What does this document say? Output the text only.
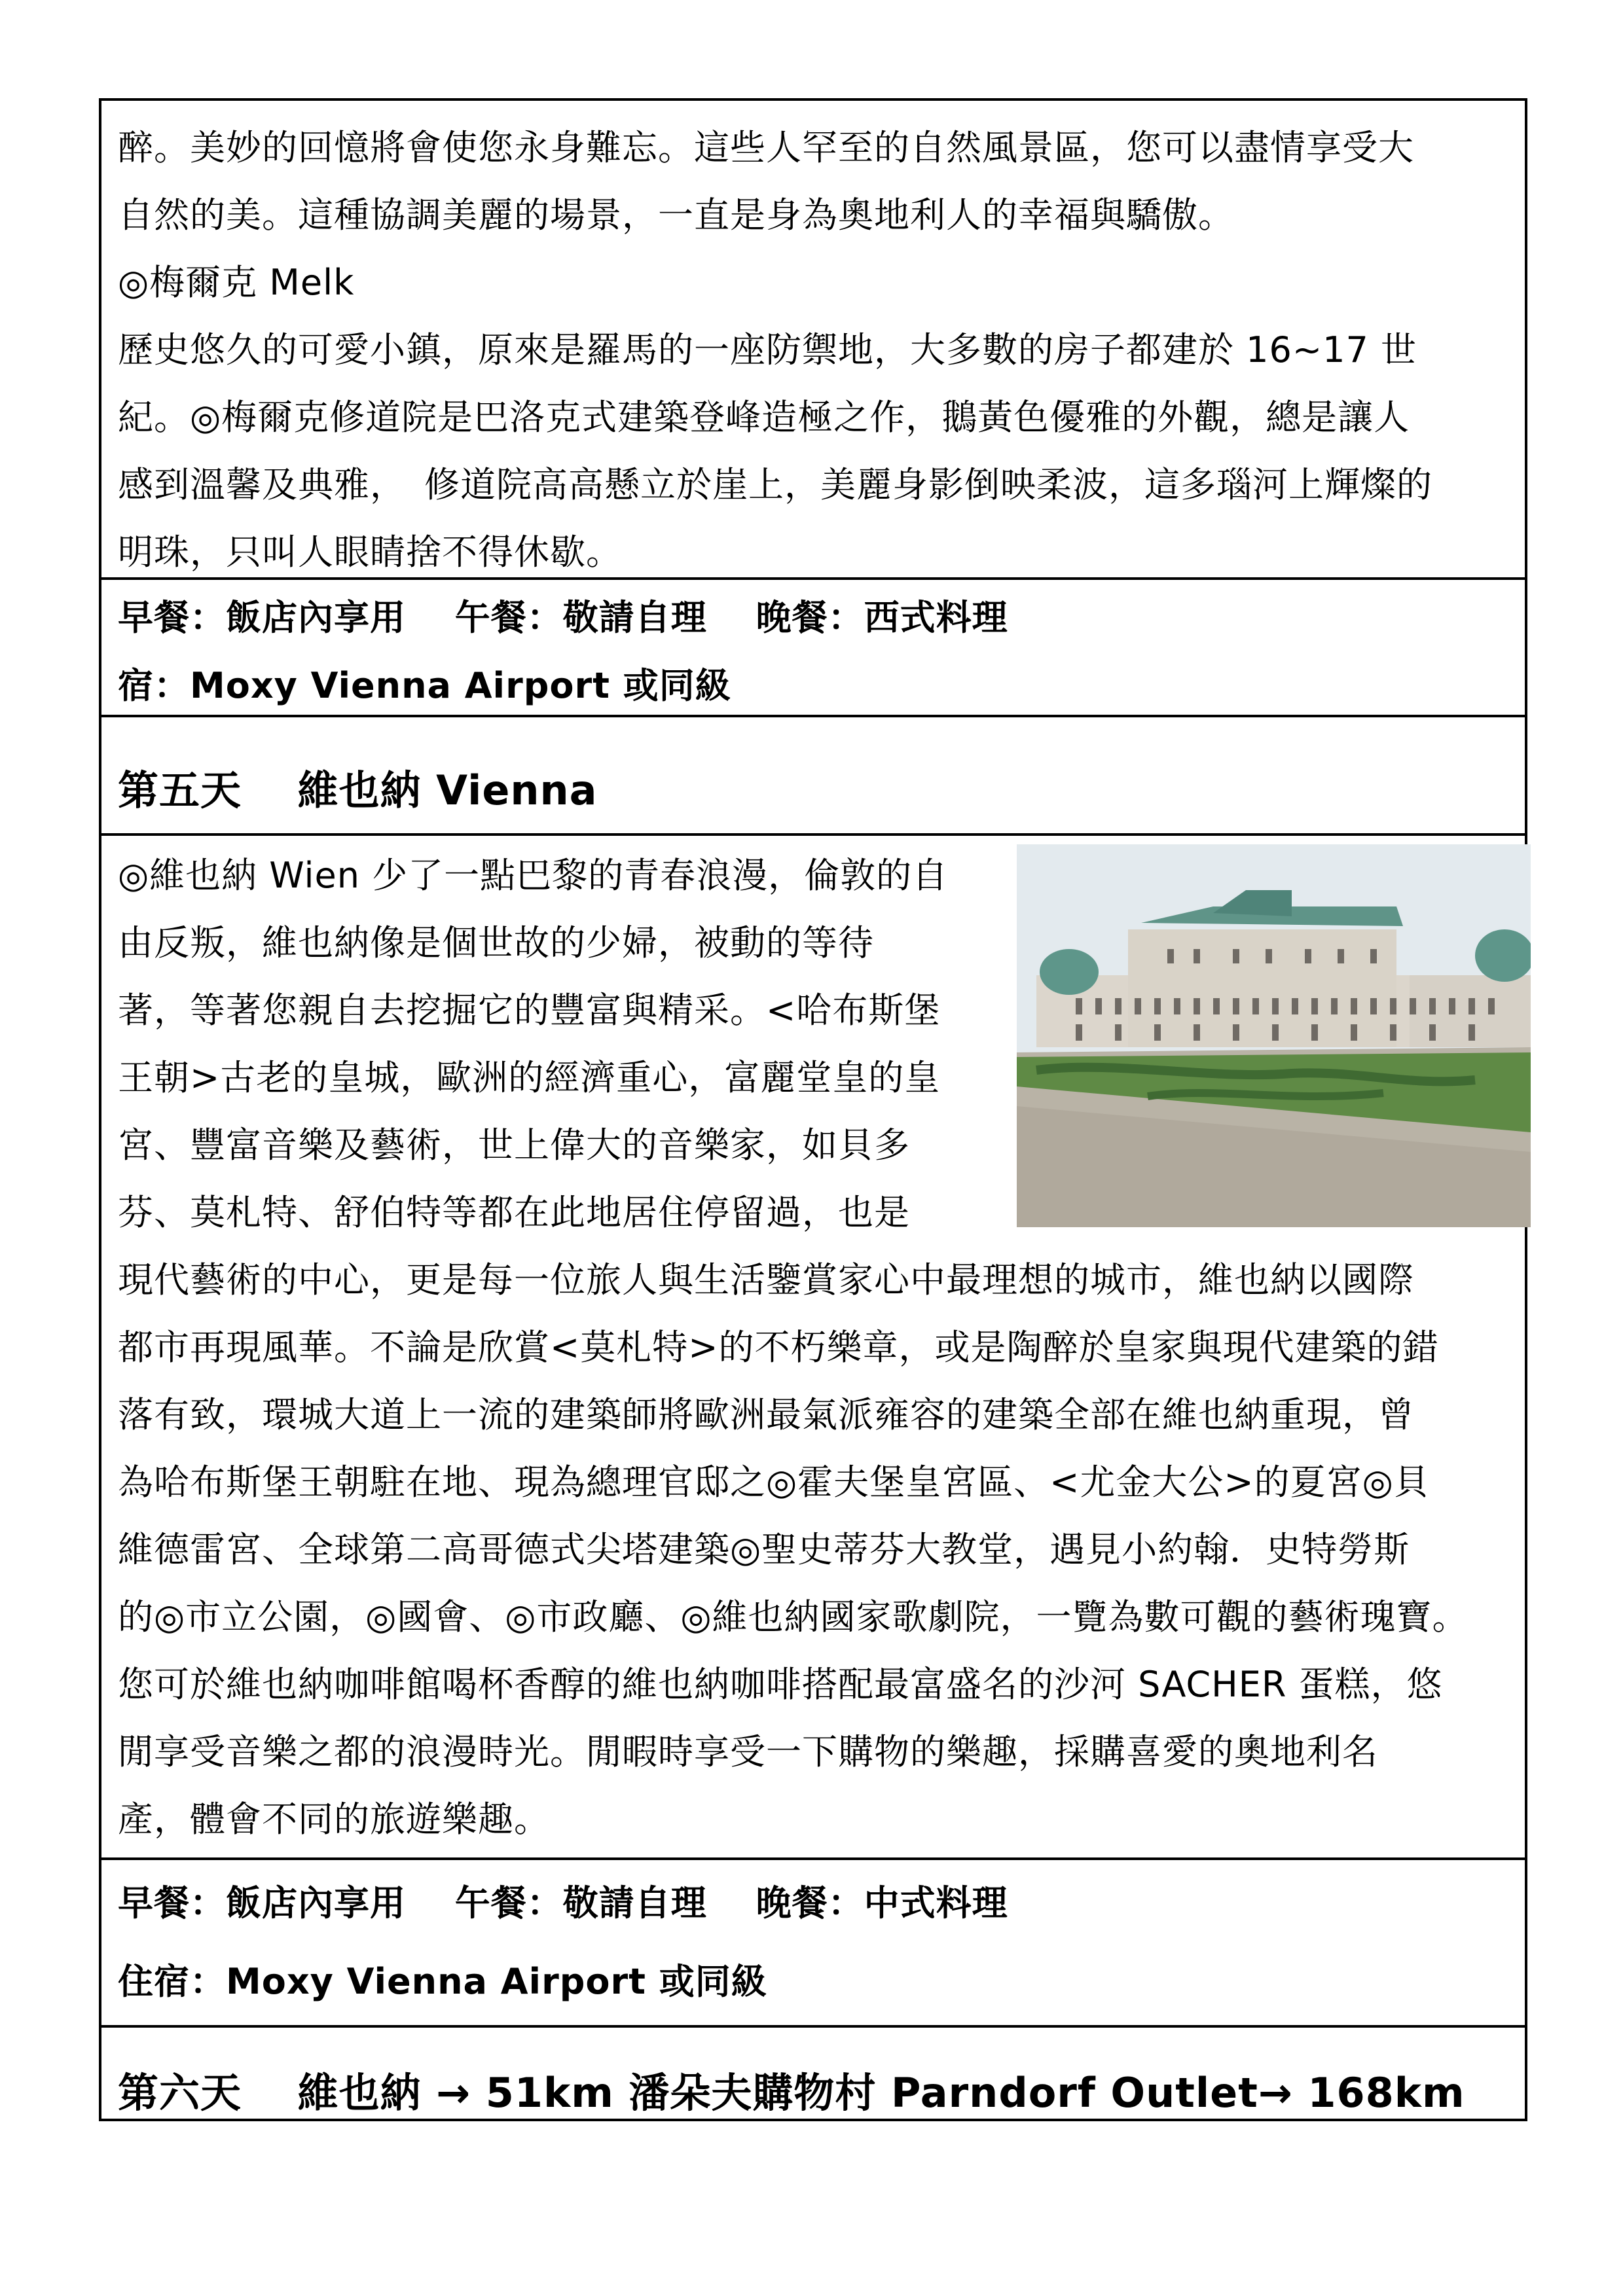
醉。美妙的回憶將會使您永身難忘。這些人罕至的自然風景區，您可以盡情享受大
自然的美。這種協調美麗的場景，一直是身為奧地利人的幸福與驕傲。
◎梅爾克 Melk
歷史悠久的可愛小鎮，原來是羅馬的一座防禦地，大多數的房子都建於 16~17 世
紀。◎梅爾克修道院是巴洛克式建築登峰造極之作，鵝黃色優雅的外觀，總是讓人
感到溫馨及典雅，　修道院高高懸立於崖上，美麗身影倒映柔波，這多瑙河上輝燦的
明珠，只叫人眼睛捨不得休歇。
早餐：飯店內享用　 午餐：敬請自理　 晚餐：西式料理
宿：Moxy Vienna Airport 或同級
第五天　 維也納 Vienna
◎維也納 Wien 少了一點巴黎的青春浪漫，倫敦的自
由反叛，維也納像是個世故的少婦，被動的等待
著，等著您親自去挖掘它的豐富與精采。<哈布斯堡
王朝>古老的皇城，歐洲的經濟重心，富麗堂皇的皇
宮、豐富音樂及藝術，世上偉大的音樂家，如貝多
芬、莫札特、舒伯特等都在此地居住停留過，也是
現代藝術的中心，更是每一位旅人與生活鑒賞家心中最理想的城市，維也納以國際
都市再現風華。不論是欣賞<莫札特>的不朽樂章，或是陶醉於皇家與現代建築的錯
落有致，環城大道上一流的建築師將歐洲最氣派雍容的建築全部在維也納重現，曾
為哈布斯堡王朝駐在地、現為總理官邸之◎霍夫堡皇宮區、<尤金大公>的夏宮◎貝
維德雷宮、全球第二高哥德式尖塔建築◎聖史蒂芬大教堂，遇見小約翰．史特勞斯
的◎市立公園，◎國會、◎市政廳、◎維也納國家歌劇院，一覽為數可觀的藝術瑰寶。
您可於維也納咖啡館喝杯香醇的維也納咖啡搭配最富盛名的沙河 SACHER 蛋糕，悠
閒享受音樂之都的浪漫時光。閒暇時享受一下購物的樂趣，採購喜愛的奧地利名
產，體會不同的旅遊樂趣。
早餐：飯店內享用　 午餐：敬請自理　 晚餐：中式料理
住宿：Moxy Vienna Airport 或同級
第六天　 維也納 → 51km 潘朵夫購物村 Parndorf Outlet→ 168km
